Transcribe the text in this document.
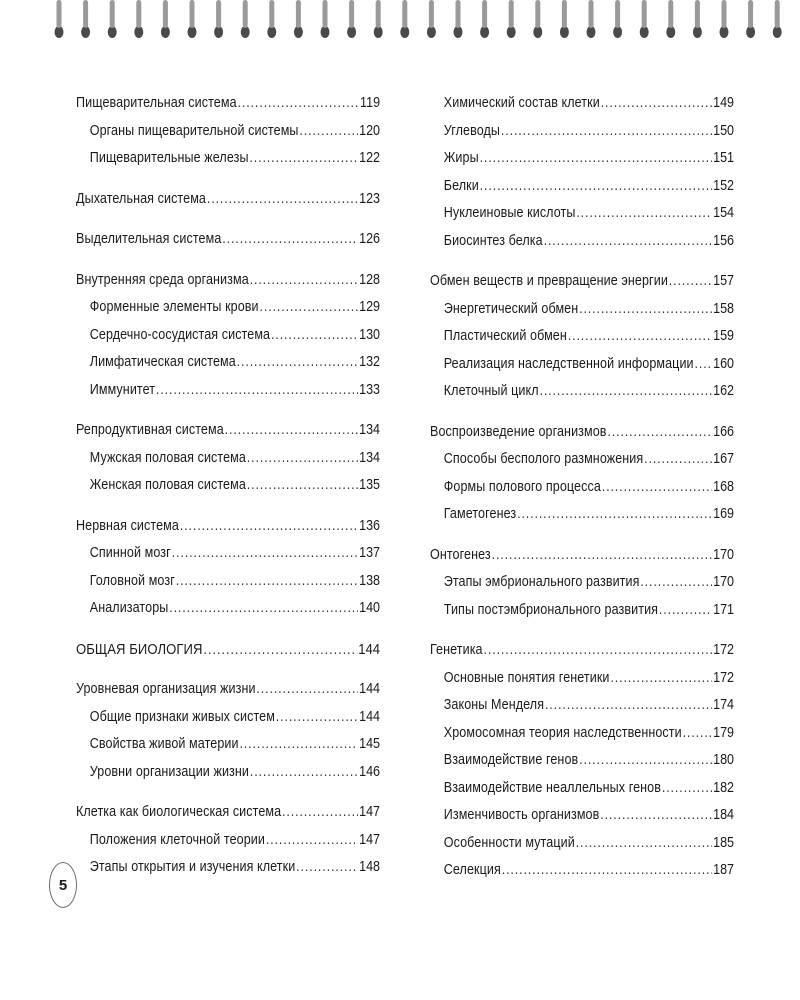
Пищеварительная система .....	119
Органы пищеварительной системы .....	120
Пищеварительные железы .....	122
Дыхательная система .....	123
Выделительная система .....	126
Внутренняя среда организма .....	128
Форменные элементы крови .....	129
Сердечно-сосудистая система .....	130
Лимфатическая система .....	132
Иммунитет .....	133
Репродуктивная система .....	134
Мужская половая система .....	134
Женская половая система .....	135
Нервная система .....	136
Спинной мозг .....	137
Головной мозг .....	138
Анализаторы .....	140
ОБЩАЯ БИОЛОГИЯ .....	144
Уровневая организация жизни .....	144
Общие признаки живых систем .....	144
Свойства живой материи .....	145
Уровни организации жизни .....	146
Клетка как биологическая система .....	147
Положения клеточной теории .....	147
Этапы открытия и изучения клетки .....	148
Химический состав клетки .....	149
Углеводы .....	150
Жиры .....	151
Белки .....	152
Нуклеиновые кислоты .....	154
Биосинтез белка .....	156
Обмен веществ и превращение энергии .....	157
Энергетический обмен .....	158
Пластический обмен .....	159
Реализация наследственной информации ..... 160
Клеточный цикл .....	162
Воспроизведение организмов .....	166
Способы бесполого размножения .....	167
Формы полового процесса .....	168
Гаметогенез .....	169
Онтогенез .....	170
Этапы эмбрионального развития .....	170
Типы постэмбрионального развития .....	171
Генетика .....	172
Основные понятия генетики .....	172
Законы Менделя .....	174
Хромосомная теория наследственности ..... 179
Взаимодействие генов .....	180
Взаимодействие неаллельных генов .....	182
Изменчивость организмов .....	184
Особенности мутаций .....	185
Селекция .....	187
5
